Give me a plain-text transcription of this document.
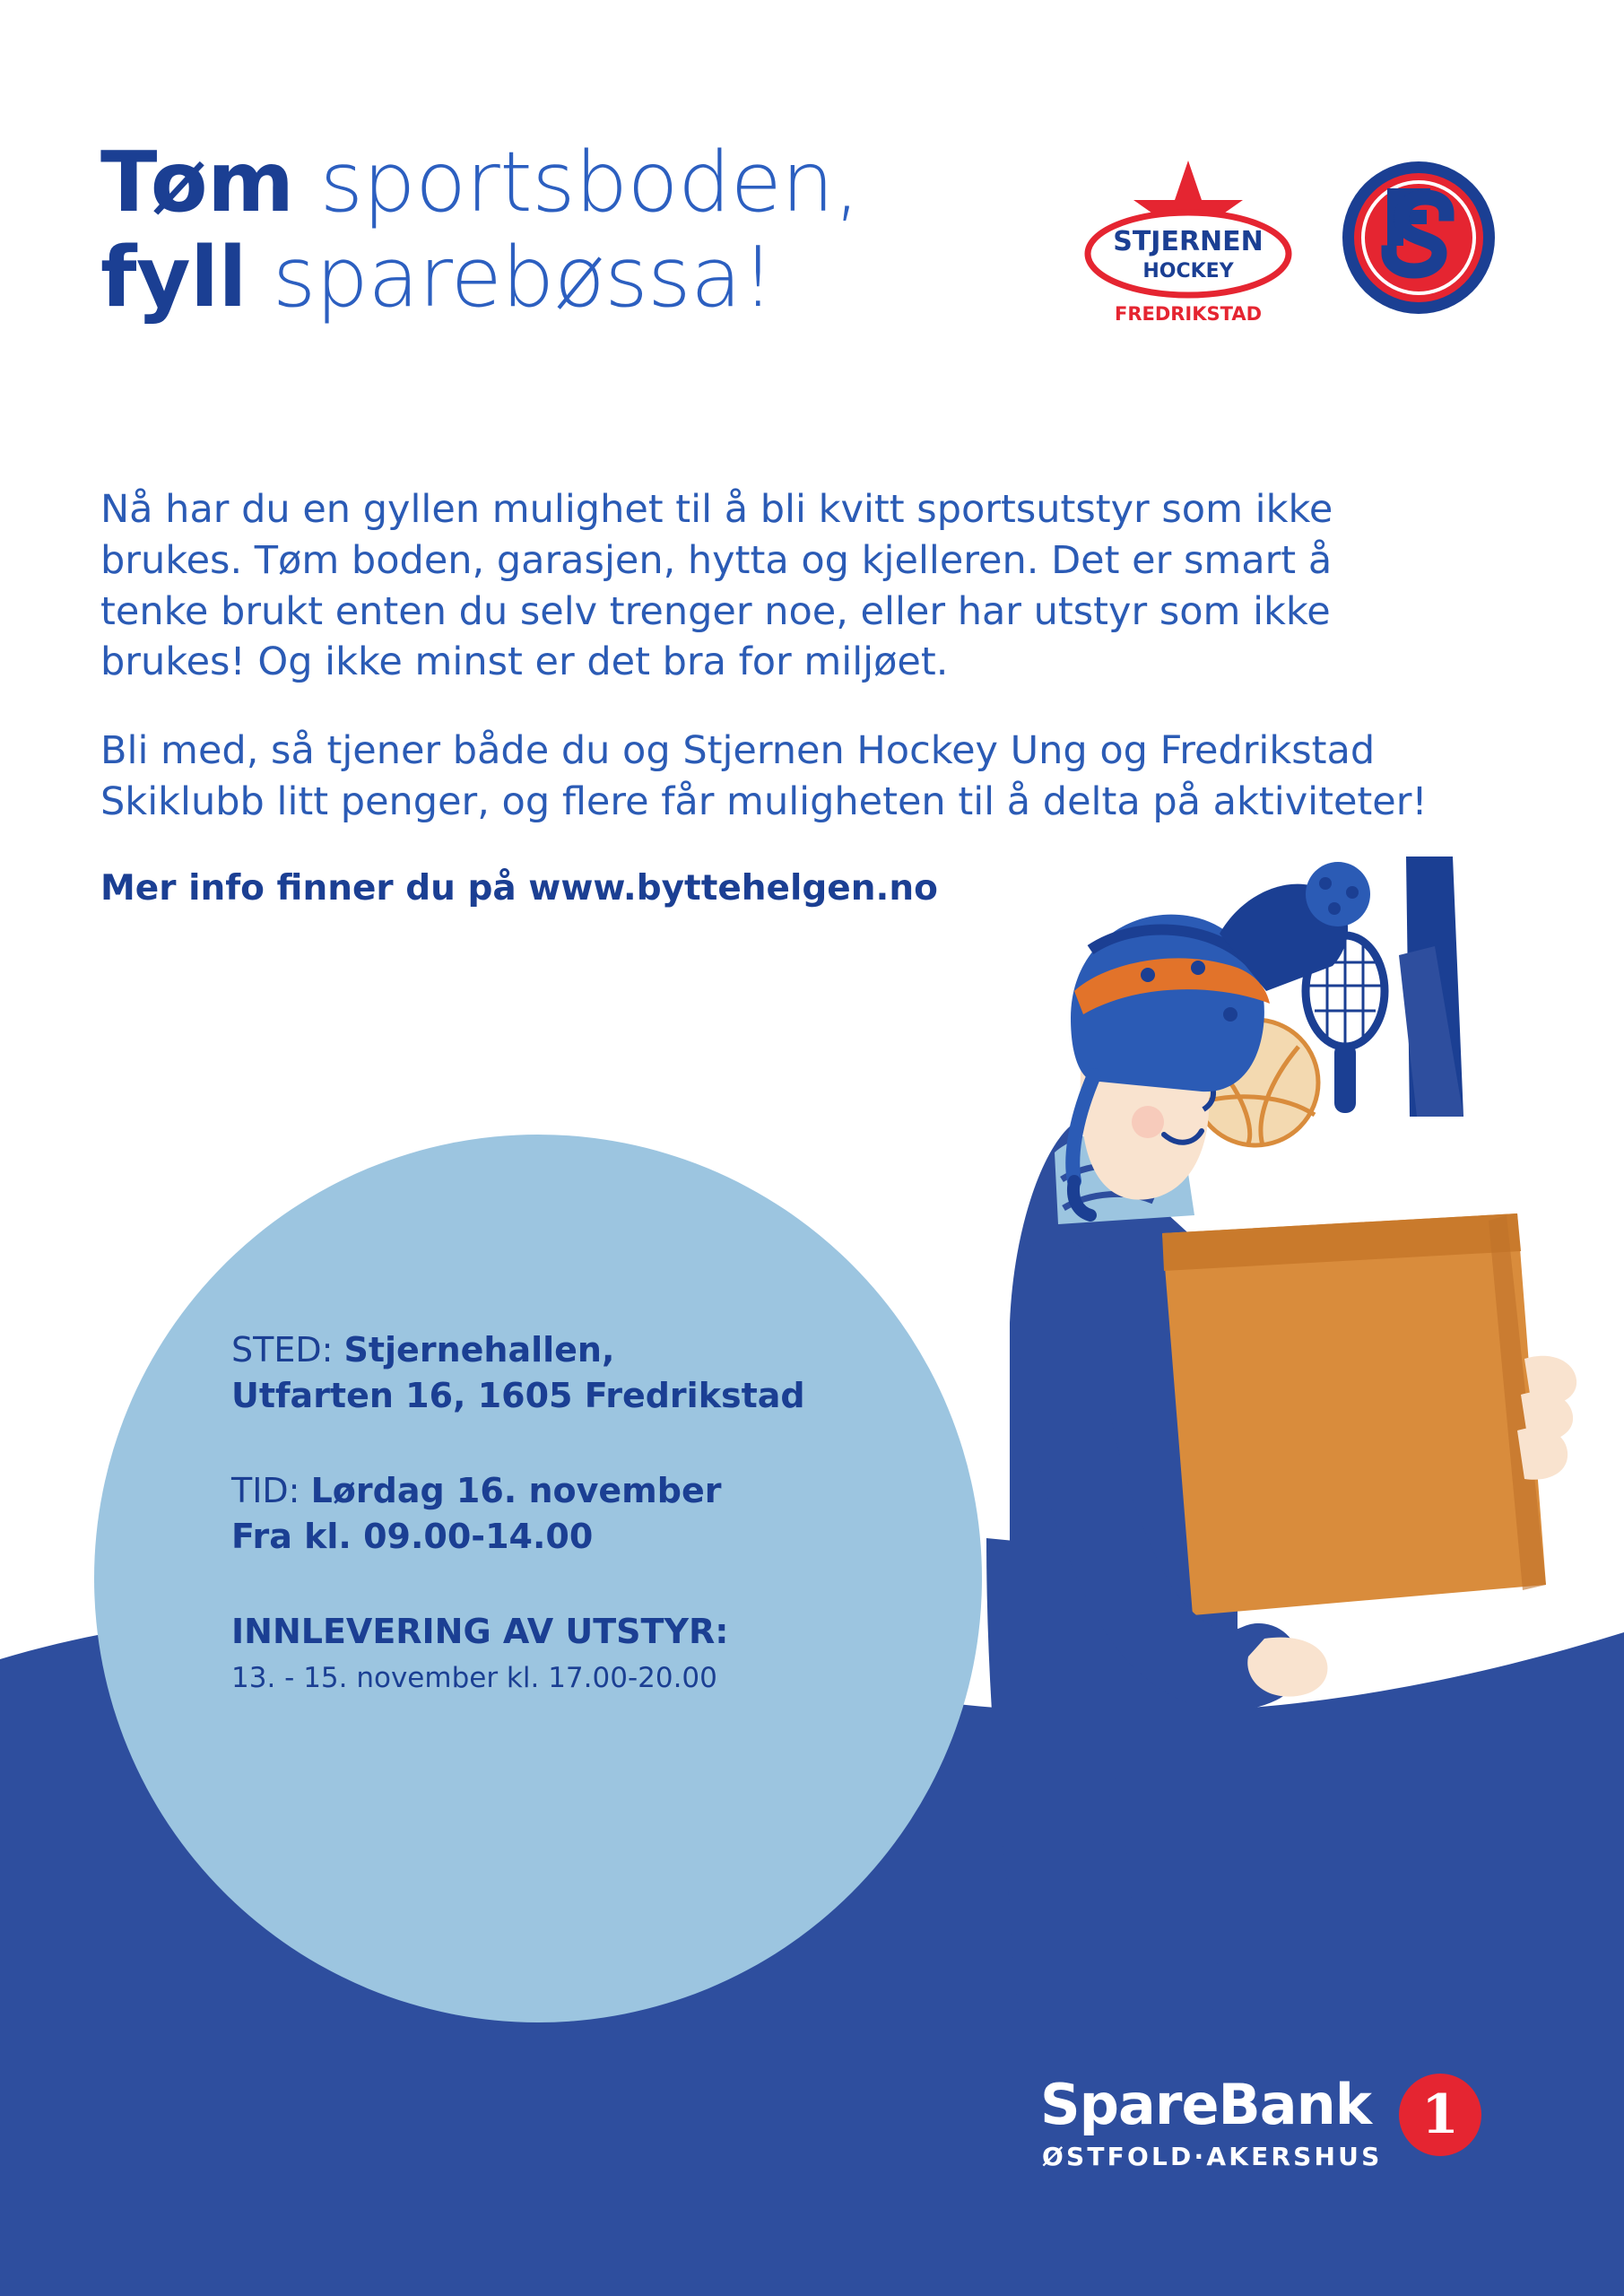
Tøm sportsboden,
fyll sparebøssa!	STJERNEN
HOCKEY
FREDRIKSTAD

Nå har du en gyllen mulighet til å bli kvitt sportsutstyr som ikke brukes. Tøm boden, garasjen, hytta og kjelleren. Det er smart å tenke brukt enten du selv trenger noe, eller har utstyr som ikke brukes! Og ikke minst er det bra for miljøet.

Bli med, så tjener både du og Stjernen Hockey Ung og Fredrikstad Skiklubb litt penger, og flere får muligheten til å delta på aktiviteter!

Mer info finner du på www.byttehelgen.no

STED: Stjernehallen,
Utfarten 16, 1605 Fredrikstad
TID: Lørdag 16. november
Fra kl. 09.00-14.00
INNLEVERING AV UTSTYR:
13. - 15. november kl. 17.00-20.00
SpareBank
ØSTFOLD·AKERSHUS
1
